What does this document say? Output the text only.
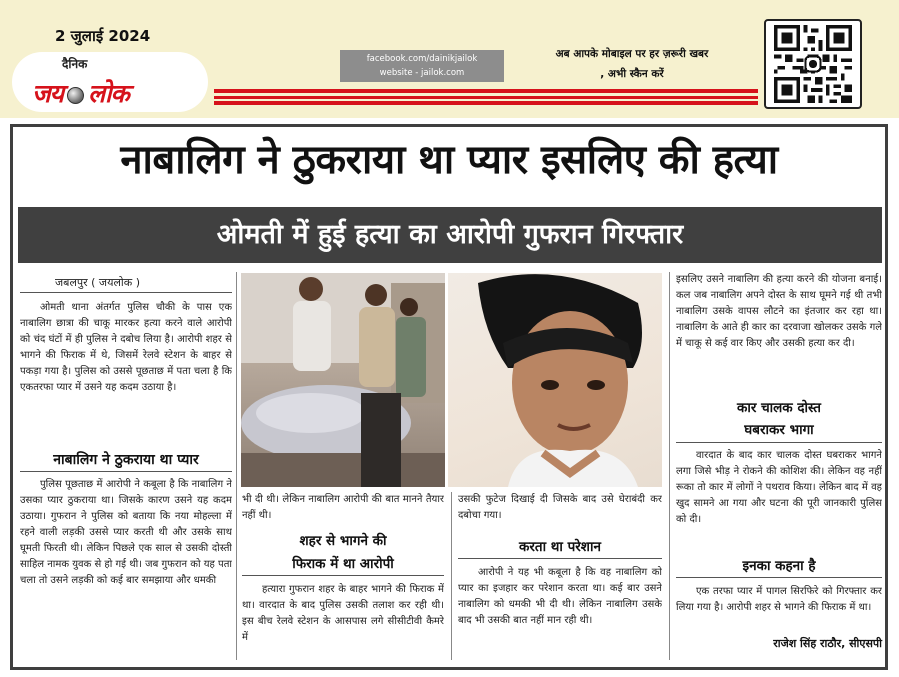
2 जुलाई 2024
दैनिक
जय लोक
facebook.com/dainikjailok
website - jailok.com
अब आपके मोबाइल पर हर ज़रूरी खबर
, अभी स्कैन करें
नाबालिग ने ठुकराया था प्यार इसलिए की हत्या
ओमती में हुई हत्या का आरोपी गुफरान गिरफ्तार
जबलपुर ( जयलोक )

ओमती थाना अंतर्गत पुलिस चौकी के पास एक नाबालिग छात्रा की चाकू मारकर हत्या करने वाले आरोपी को चंद घंटों में ही पुलिस ने दबोच लिया है। आरोपी शहर से भागने की फिराक में थे, जिसमें रेलवे स्टेशन के बाहर से पकड़ा गया है। पुलिस को उससे पूछताछ में पता चला है कि एकतरफा प्यार में उसने यह कदम उठाया है।

नाबालिग ने ठुकराया था प्यार

पुलिस पूछताछ में आरोपी ने कबूला है कि नाबालिग ने उसका प्यार ठुकराया था। जिसके कारण उसने यह कदम उठाया। गुफरान ने पुलिस को बताया कि नया मोहल्ला में रहने वाली लड़की उससे प्यार करती थी और उसके साथ घूमती फिरती थी। लेकिन पिछले एक साल से उसकी दोस्ती साहिल नामक युवक से हो गई थी। जब गुफरान को यह पता चला तो उसने लड़की को कई बार समझाया और धमकी

भी दी थी। लेकिन नाबालिग आरोपी की बात मानने तैयार नहीं थी।

शहर से भागने की
फिराक में था आरोपी

हत्यारा गुफरान शहर के बाहर भागने की फिराक में था। वारदात के बाद पुलिस उसकी तलाश कर रही थी। इस बीच रेलवे स्टेशन के आसपास लगे सीसीटीवी कैमरे में

उसकी फुटेज दिखाई दी जिसके बाद उसे घेराबंदी कर दबोचा गया।

करता था परेशान

आरोपी ने यह भी कबूला है कि वह नाबालिग को प्यार का इजहार कर परेशान करता था। कई बार उसने नाबालिग को धमकी भी दी थी। लेकिन नाबालिग उसके बाद भी उसकी बात नहीं मान रही थी।

इसलिए उसने नाबालिग की हत्या करने की योजना बनाई। कल जब नाबालिग अपने दोस्त के साथ घूमने गई थी तभी नाबालिग उसके वापस लौटने का इंतजार कर रहा था। नाबालिग के आते ही कार का दरवाजा खोलकर उसके गले में चाकू से कई वार किए और उसकी हत्या कर दी।

कार चालक दोस्त
घबराकर भागा

वारदात के बाद कार चालक दोस्त घबराकर भागने लगा जिसे भीड़ ने रोकने की कोशिश की। लेकिन वह नहीं रूका तो कार में लोगों ने पथराव किया। लेकिन बाद में वह खुद सामने आ गया और घटना की पूरी जानकारी पुलिस को दी।

इनका कहना है

एक तरफा प्यार में पागल सिरफिरे को गिरफ्तार कर लिया गया है। आरोपी शहर से भागने की फिराक में था।

राजेश सिंह राठौर, सीएसपी
